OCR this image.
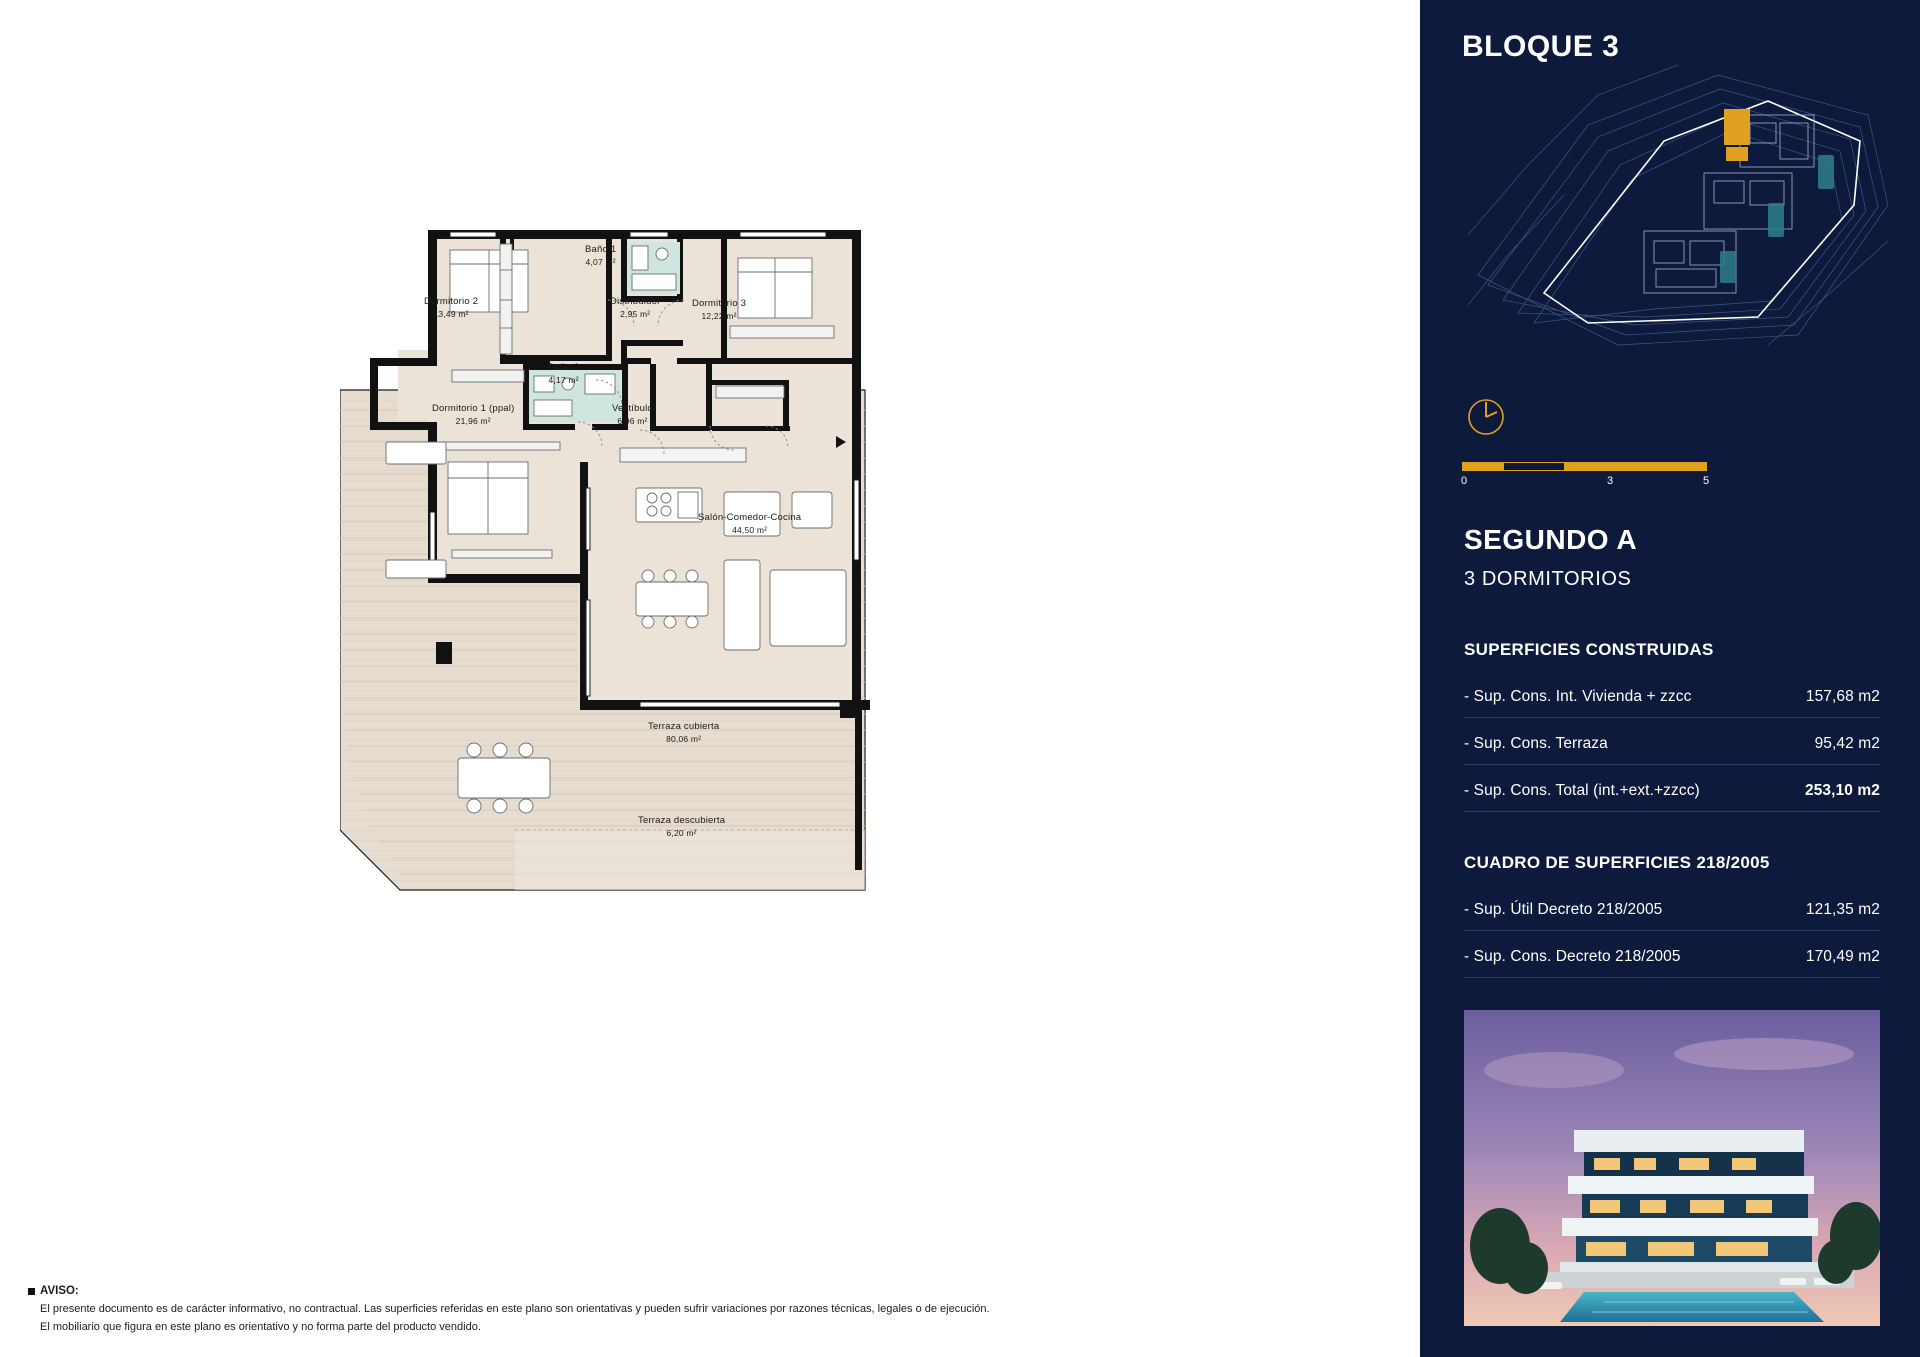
Dormitorio 2
13,49 m²
Baño 1
4,07 m²
Distribuidor
2,95 m²
Dormitorio 3
12,22 m²
Baño 2
4,17 m²
Dormitorio 1 (ppal)
21,96 m²
Vestíbulo
6,96 m²
Salón-Comedor-Cocina
44,50 m²
Terraza cubierta
80,06 m²
Terraza descubierta
6,20 m²
AVISO:

El presente documento es de carácter informativo, no contractual. Las superficies referidas en este plano son orientativas y pueden sufrir variaciones por razones técnicas, legales o de ejecución.

El mobiliario que figura en este plano es orientativo y no forma parte del producto vendido.

BLOQUE 3
0	3	5
SEGUNDO A
3 DORMITORIOS
SUPERFICIES CONSTRUIDAS
- Sup. Cons. Int. Vivienda + zzcc	157,68 m2
- Sup. Cons. Terraza	95,42 m2
- Sup. Cons. Total (int.+ext.+zzcc)	253,10 m2
CUADRO DE SUPERFICIES 218/2005
- Sup. Útil Decreto 218/2005	121,35 m2
- Sup. Cons. Decreto 218/2005	170,49 m2
